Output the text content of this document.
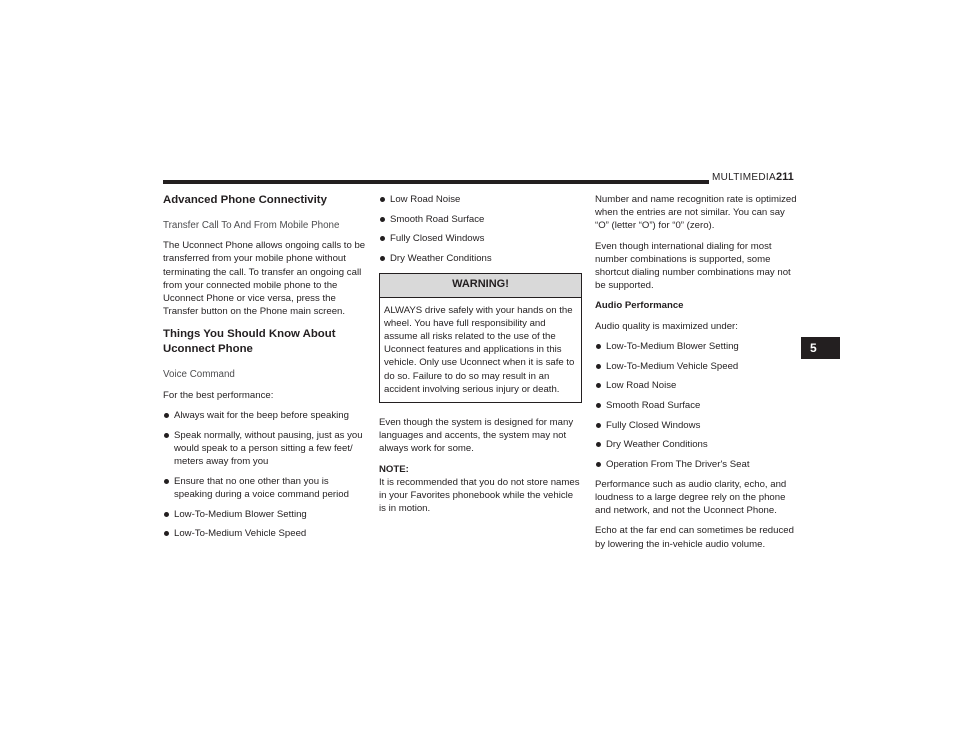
MULTIMEDIA 211
5
Advanced Phone Connectivity
Transfer Call To And From Mobile Phone

The Uconnect Phone allows ongoing calls to be transferred from your mobile phone without terminating the call. To transfer an ongoing call from your connected mobile phone to the Uconnect Phone or vice versa, press the Transfer button on the Phone main screen.

Things You Should Know About Uconnect Phone
Voice Command

For the best performance:

Always wait for the beep before speaking
Speak normally, without pausing, just as you would speak to a person sitting a few feet/ meters away from you
Ensure that no one other than you is speaking during a voice command period
Low-To-Medium Blower Setting
Low-To-Medium Vehicle Speed
Low Road Noise
Smooth Road Surface
Fully Closed Windows
Dry Weather Conditions
WARNING!
ALWAYS drive safely with your hands on the wheel. You have full responsibility and assume all risks related to the use of the Uconnect features and applications in this vehicle. Only use Uconnect when it is safe to do so. Failure to do so may result in an accident involving serious injury or death.

Even though the system is designed for many languages and accents, the system may not always work for some.

NOTE:

It is recommended that you do not store names in your Favorites phonebook while the vehicle is in motion.

Number and name recognition rate is optimized when the entries are not similar. You can say “O” (letter “O”) for “0” (zero).

Even though international dialing for most number combinations is supported, some shortcut dialing number combinations may not be supported.

Audio Performance

Audio quality is maximized under:

Low-To-Medium Blower Setting
Low-To-Medium Vehicle Speed
Low Road Noise
Smooth Road Surface
Fully Closed Windows
Dry Weather Conditions
Operation From The Driver's Seat

Performance such as audio clarity, echo, and loudness to a large degree rely on the phone and network, and not the Uconnect Phone.

Echo at the far end can sometimes be reduced by lowering the in-vehicle audio volume.
